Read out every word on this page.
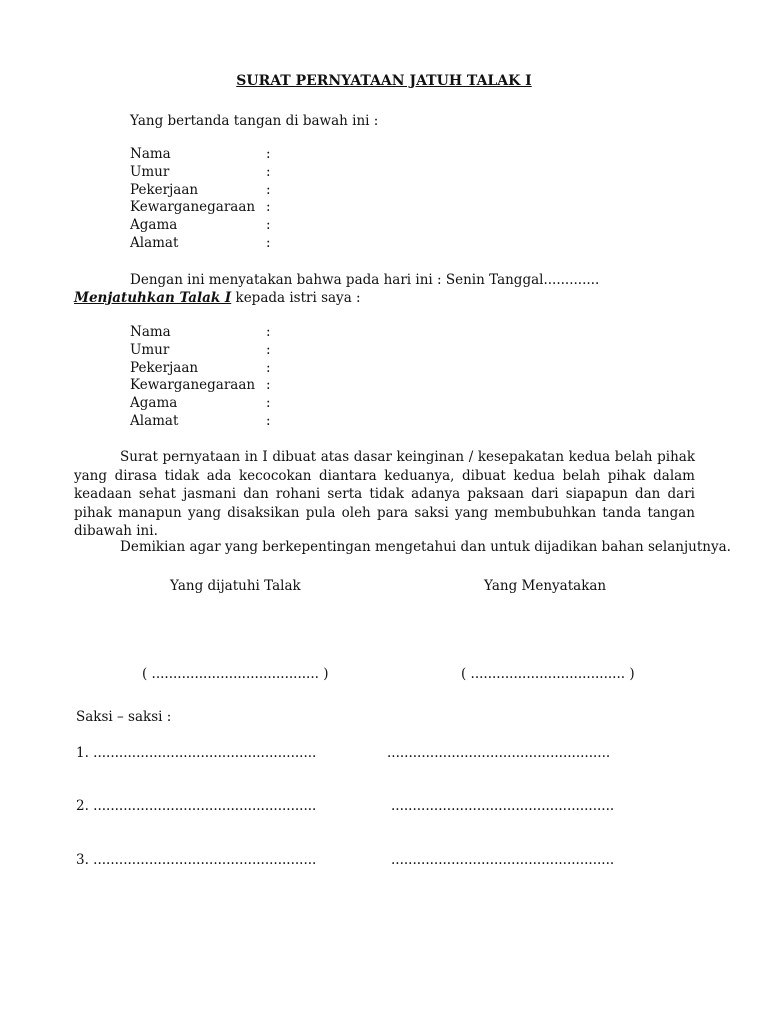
SURAT PERNYATAAN JATUH TALAK I
Yang bertanda tangan di bawah ini :
Nama	:
Umur	:
Pekerjaan	:
Kewarganegaraan :
Agama	:
Alamat	:
Dengan ini menyatakan bahwa pada hari ini : Senin Tanggal.............
Menjatuhkan Talak I kepada istri saya :
Nama	:
Umur	:
Pekerjaan	:
Kewarganegaraan :
Agama	:
Alamat	:
Surat pernyataan in I dibuat atas dasar keinginan / kesepakatan kedua belah pihak yang dirasa tidak ada kecocokan diantara keduanya, dibuat kedua belah pihak dalam keadaan sehat jasmani dan rohani serta tidak adanya paksaan dari siapapun dan dari pihak manapun yang disaksikan pula oleh para saksi yang membubuhkan tanda tangan dibawah ini.
Demikian agar yang berkepentingan mengetahui dan untuk dijadikan bahan selanjutnya.
Yang dijatuhi Talak	Yang Menyatakan
( ....................................... )	( .................................... )
Saksi – saksi :
1. ....................................................	....................................................
2. ....................................................	....................................................
3. ....................................................	....................................................
